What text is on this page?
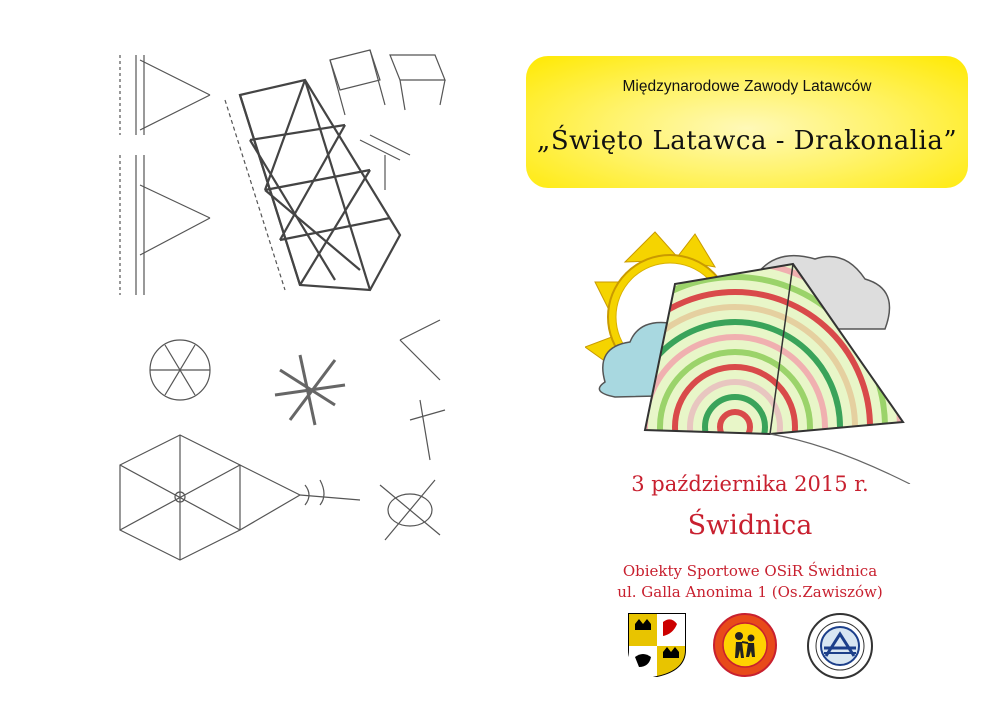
Międzynarodowe Zawody Latawców
„Święto Latawca - Drakonalia”
3 października 2015 r.
Świdnica
Obiekty Sportowe OSiR Świdnica
ul. Galla Anonima 1 (Os.Zawiszów)
